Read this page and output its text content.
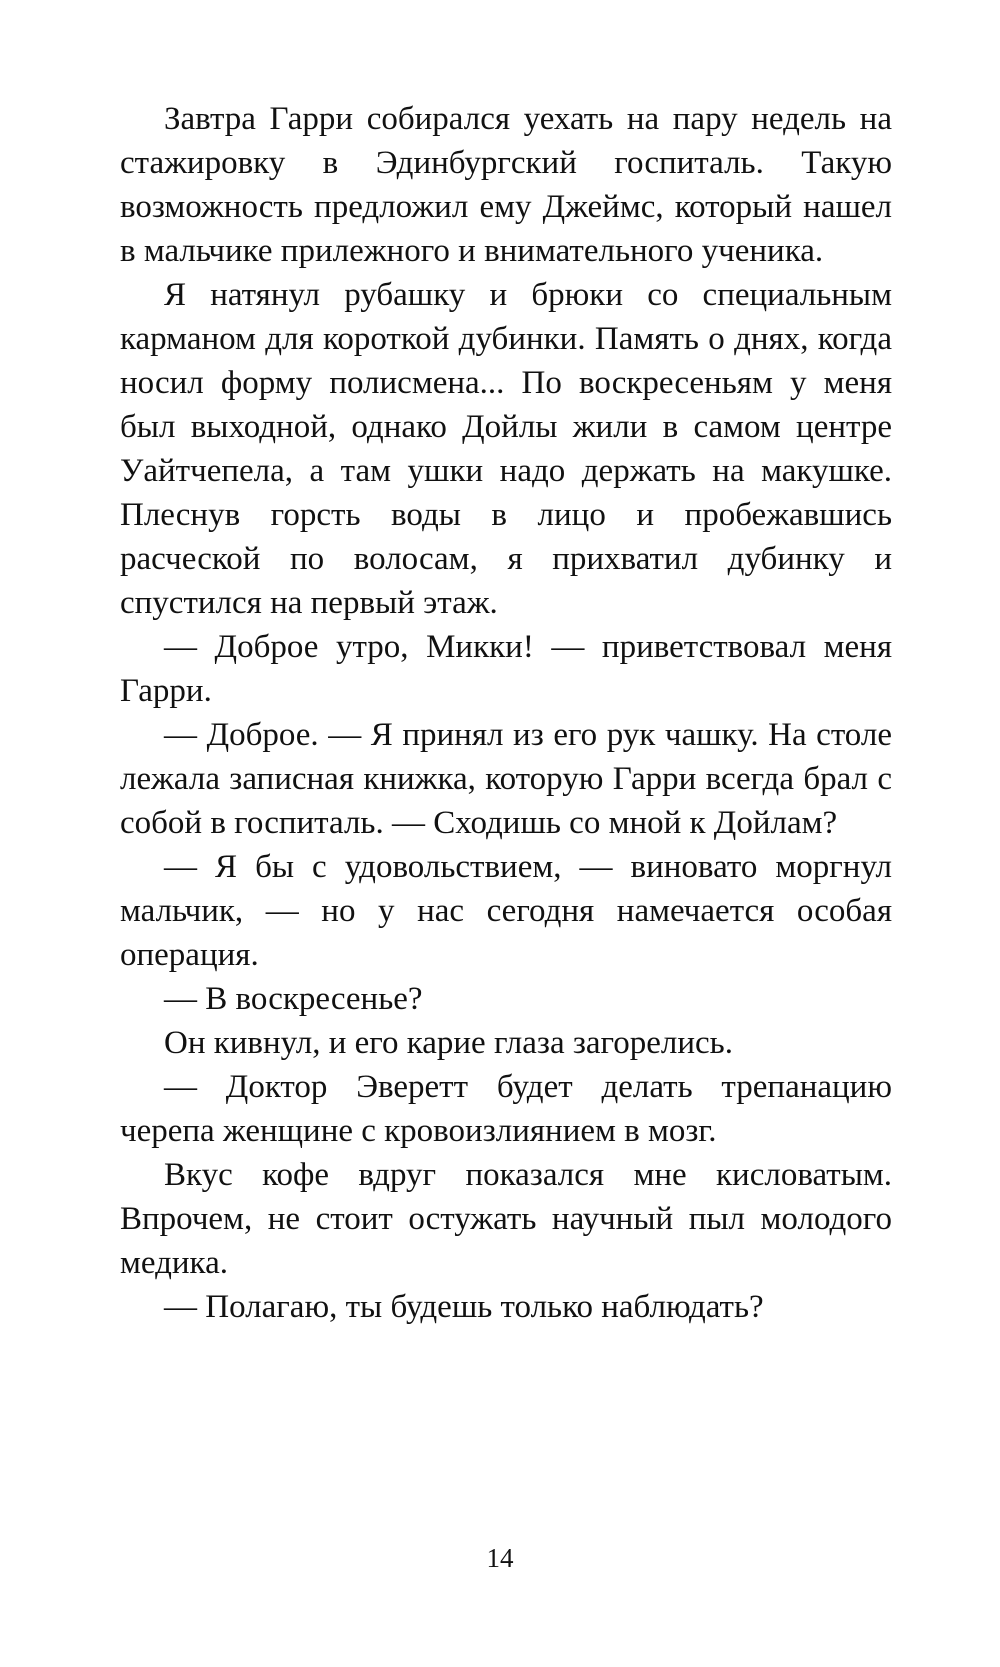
Завтра Гарри собирался уехать на пару недель на стажировку в Эдинбургский госпиталь. Такую возможность предложил ему Джеймс, который нашел в мальчике прилежного и внимательного ученика.

Я натянул рубашку и брюки со специальным карманом для короткой дубинки. Память о днях, когда носил форму полисмена... По воскресеньям у меня был выходной, однако Дойлы жили в самом центре Уайтчепела, а там ушки надо держать на макушке. Плеснув горсть воды в лицо и пробежавшись расческой по волосам, я прихватил дубинку и спустился на первый этаж.

— Доброе утро, Микки! — приветствовал меня Гарри.

— Доброе. — Я принял из его рук чашку. На столе лежала записная книжка, которую Гарри всегда брал с собой в госпиталь. — Сходишь со мной к Дойлам?

— Я бы с удовольствием, — виновато моргнул мальчик, — но у нас сегодня намечается особая операция.

— В воскресенье?

Он кивнул, и его карие глаза загорелись.

— Доктор Эверетт будет делать трепанацию черепа женщине с кровоизлиянием в мозг.

Вкус кофе вдруг показался мне кисловатым. Впрочем, не стоит остужать научный пыл молодого медика.

— Полагаю, ты будешь только наблюдать?

14
